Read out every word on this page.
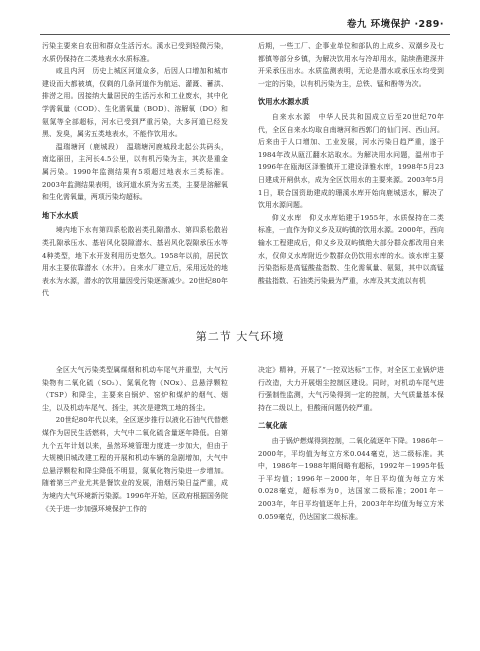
卷九 环境保护 ·289·

污染主要来自农田和群众生活污水。溪水已受到轻微污染，水质仍保持在二类地表水水质标准。

咸且内河　 历史上城区河道众多，后因人口增加和城市建设而大都被填，仅剩的几条河道作为航运、灌溉、蓄洪、排涝之用。因接纳大量居民的生活污水和工业废水，其中化学需氧量（COD）、生化需氧量（BOD）、溶解氧（DO）和氨氮等全部超标，河水已受到严重污染，大多河道已经发黑、发臭，属劣五类地表水，不能作饮用水。

温瑞塘河（鹿城段）　 温瑞塘河鹿城段北起公共码头，南迄丽田，主河长4.5公里，以有机污染为主，其次是重金属污染。1990年监测结果有5项超过地表水三类标准。2003年监测结果表明，该河道水质为劣五类，主要是溶解氧和生化需氧量，两项污染均超标。

地下水水质

境内地下水有第四系松散岩类孔隙潜水、第四系松散岩类孔隙承压水、基岩风化裂隙潜水、基岩风化裂隙承压水等4种类型，地下水开发利用历史悠久。1958年以前，居民饮用水主要依靠潜水（水井）。自来水厂建立后，采用远处的地表水为水源，潜水的饮用量因受污染逐渐减少。20世纪80年代

后期，一些工厂、企事业单位和部队的上成乡、双潮乡及七都镇等部分乡镇，为解决饮用水与冷却用水，陆续凿建深井开采承压出水。水质监测表明，无论是潜水或承压水均受到一定的污染，以有机污染为主，总铁、锰和酚等为次。

饮用水水源水质

自来水水源　 中华人民共和国成立后至20世纪70年代，全区自来水均取自南塘河和西郭门的仙门河、西山河。后来由于人口增加、工业发展，河水污染日趋严重，遂于1984年改从瓯江翻水站取水。为解决用水问题，温州市于1996年在瓯海区泽雅镇开工建设泽雅水库，1998年5月23日建成开闸供水，成为全区饮用水的主要来源。2003年5月1日，联合国资助建成的珊溪水库开始向鹿城送水，解决了饮用水源问题。

仰义水库　 仰义水库始建于1955年，水质保持在二类标准，一直作为仰义乡及双屿镇的饮用水源。2000年，西向输水工程建成后，仰义乡及双屿镇绝大部分群众都改用自来水，仅仰义水库附近少数群众仍饮用水库的水。该水库主要污染指标是高锰酸盐指数、生化需氧量、氨氮，其中以高锰酸盐指数、石油类污染最为严重，水库及其支流以有机

第二节 大气环境

全区大气污染类型属煤烟和机动车尾气并重型，大气污染物有二氧化硫（SO₂）、氮氧化物（NOx）、总悬浮颗粒（TSP）和降尘，主要来自锅炉、窑炉和煤炉的烟气、烟尘，以及机动车尾气、扬尘，其次是建筑工地的扬尘。

20世纪80年代以来，全区逐步推行以液化石油气代替燃煤作为居民生活燃料，大气中二氧化硫含量逐年降低。自第九个五年计划以来，虽然环境管理力度进一步加大，但由于大规模旧城改建工程的开展和机动车辆的急剧增加，大气中总悬浮颗粒和降尘降低不明显，氮氧化物污染进一步增加。随着第三产业尤其是餐饮业的发展，油烟污染日益严重，成为境内大气环境新污染源。1996年开始，区政府根据国务院《关于进一步加强环境保护工作的

决定》精神，开展了“一控双达标”工作，对全区工业锅炉进行改造，大力开展烟尘控制区建设。同时，对机动车尾气进行强制性监测，大气污染得到一定的控制，大气质量基本保持在二级以上，但酸雨问题仍较严重。

二氧化硫

由于锅炉燃煤得到控制，二氧化硫逐年下降。1986年－2000年，平均值为每立方米0.044毫克，达二级标准。其中，1986年－1988年期间略有超标，1992年－1995年低于平均值；1996年－2000年，年日平均值为每立方米0.028毫克，超标率为0，达国家二级标准；2001年－2003年，年日平均值逐年上升，2003年年均值为每立方米0.059毫克，仍达国家二级标准。
